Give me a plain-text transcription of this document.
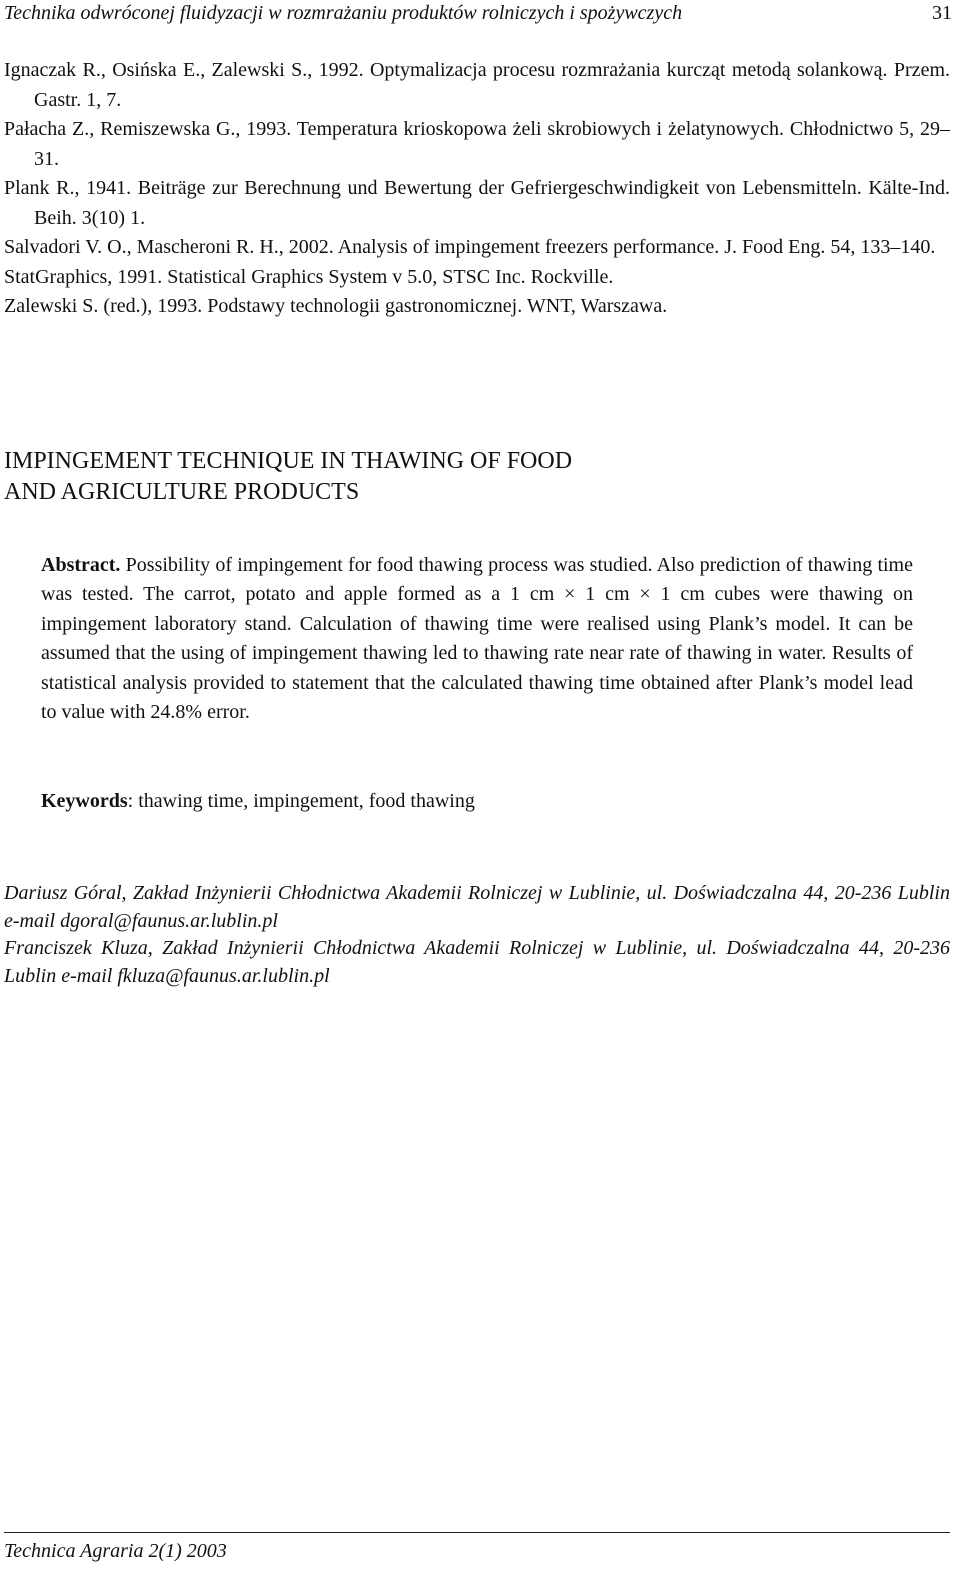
Technika odwróconej fluidyzacji w rozmrażaniu produktów rolniczych i spożywczych	31
Ignaczak R., Osińska E., Zalewski S., 1992. Optymalizacja procesu rozmrażania kurcząt metodą solankową. Przem. Gastr. 1, 7.
Pałacha Z., Remiszewska G., 1993. Temperatura krioskopowa żeli skrobiowych i żelatynowych. Chłodnictwo 5, 29–31.
Plank R., 1941. Beiträge zur Berechnung und Bewertung der Gefriergeschwindigkeit von Lebensmitteln. Kälte-Ind. Beih. 3(10) 1.
Salvadori V. O., Mascheroni R. H., 2002. Analysis of impingement freezers performance. J. Food Eng. 54, 133–140.
StatGraphics, 1991. Statistical Graphics System v 5.0, STSC Inc. Rockville.
Zalewski S. (red.), 1993. Podstawy technologii gastronomicznej. WNT, Warszawa.
IMPINGEMENT TECHNIQUE IN THAWING OF FOOD
AND AGRICULTURE PRODUCTS
Abstract. Possibility of impingement for food thawing process was studied. Also prediction of thawing time was tested. The carrot, potato and apple formed as a 1 cm × 1 cm × 1 cm cubes were thawing on impingement laboratory stand. Calculation of thawing time were realised using Plank’s model. It can be assumed that the using of impingement thawing led to thawing rate near rate of thawing in water. Results of statistical analysis provided to statement that the calculated thawing time obtained after Plank’s model lead to value with 24.8% error.
Keywords: thawing time, impingement, food thawing

Dariusz Góral, Zakład Inżynierii Chłodnictwa Akademii Rolniczej w Lublinie, ul. Doświadczalna 44, 20-236 Lublin e-mail dgoral@faunus.ar.lublin.pl

Franciszek Kluza, Zakład Inżynierii Chłodnictwa Akademii Rolniczej w Lublinie, ul. Doświadczalna 44, 20-236 Lublin e-mail fkluza@faunus.ar.lublin.pl

Technica Agraria 2(1) 2003
